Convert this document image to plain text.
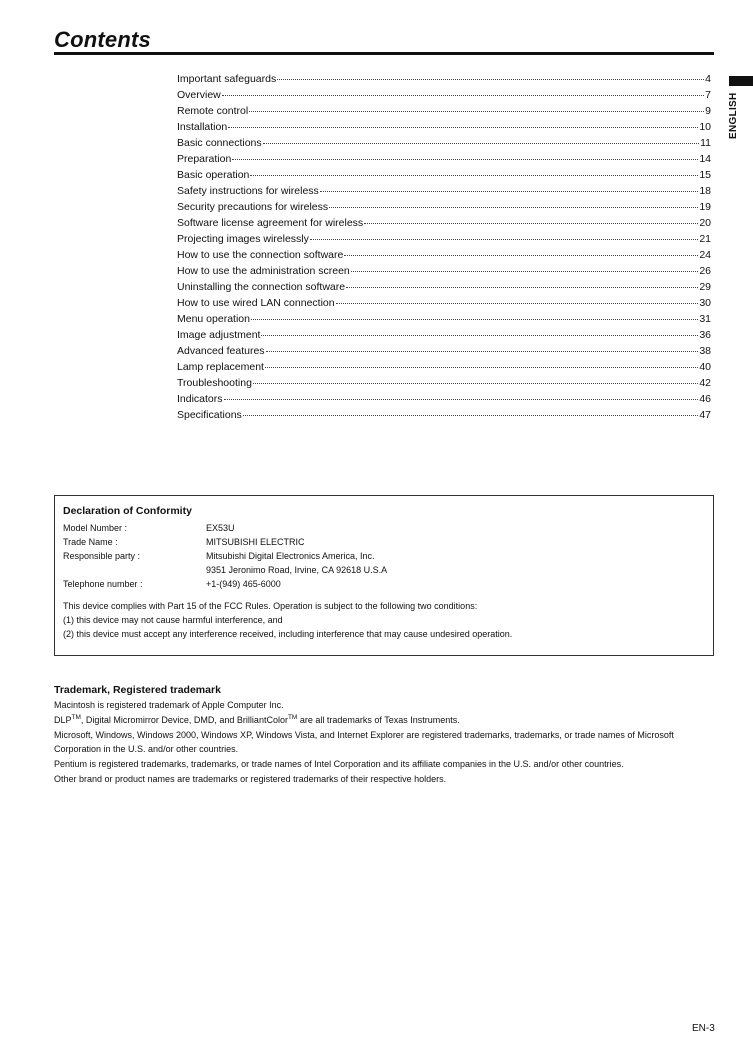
Contents
ENGLISH
Important safeguards	4
Overview	7
Remote control	9
Installation	10
Basic connections	11
Preparation	14
Basic operation	15
Safety instructions for wireless	18
Security precautions for wireless	19
Software license agreement for wireless	20
Projecting images wirelessly	21
How to use the connection software	24
How to use the administration screen	26
Uninstalling the connection software	29
How to use wired LAN connection	30
Menu operation	31
Image adjustment	36
Advanced features	38
Lamp replacement	40
Troubleshooting	42
Indicators	46
Specifications	47
Declaration of Conformity
Model Number :	EX53U
Trade Name :	MITSUBISHI ELECTRIC
Responsible party :	Mitsubishi Digital Electronics America, Inc.
9351 Jeronimo Road, Irvine, CA 92618 U.S.A
Telephone number :	+1-(949) 465-6000
This device complies with Part 15 of the FCC Rules. Operation is subject to the following two conditions:
(1) this device may not cause harmful interference, and
(2) this device must accept any interference received, including interference that may cause undesired operation.
Trademark, Registered trademark

Macintosh is registered trademark of Apple Computer Inc.

DLP™, Digital Micromirror Device, DMD, and BrilliantColor™ are all trademarks of Texas Instruments.

Microsoft, Windows, Windows 2000, Windows XP, Windows Vista, and Internet Explorer are registered trademarks, trademarks, or trade names of Microsoft Corporation in the U.S. and/or other countries.

Pentium is registered trademarks, trademarks, or trade names of Intel Corporation and its affiliate companies in the U.S. and/or other countries.

Other brand or product names are trademarks or registered trademarks of their respective holders.

EN-3
